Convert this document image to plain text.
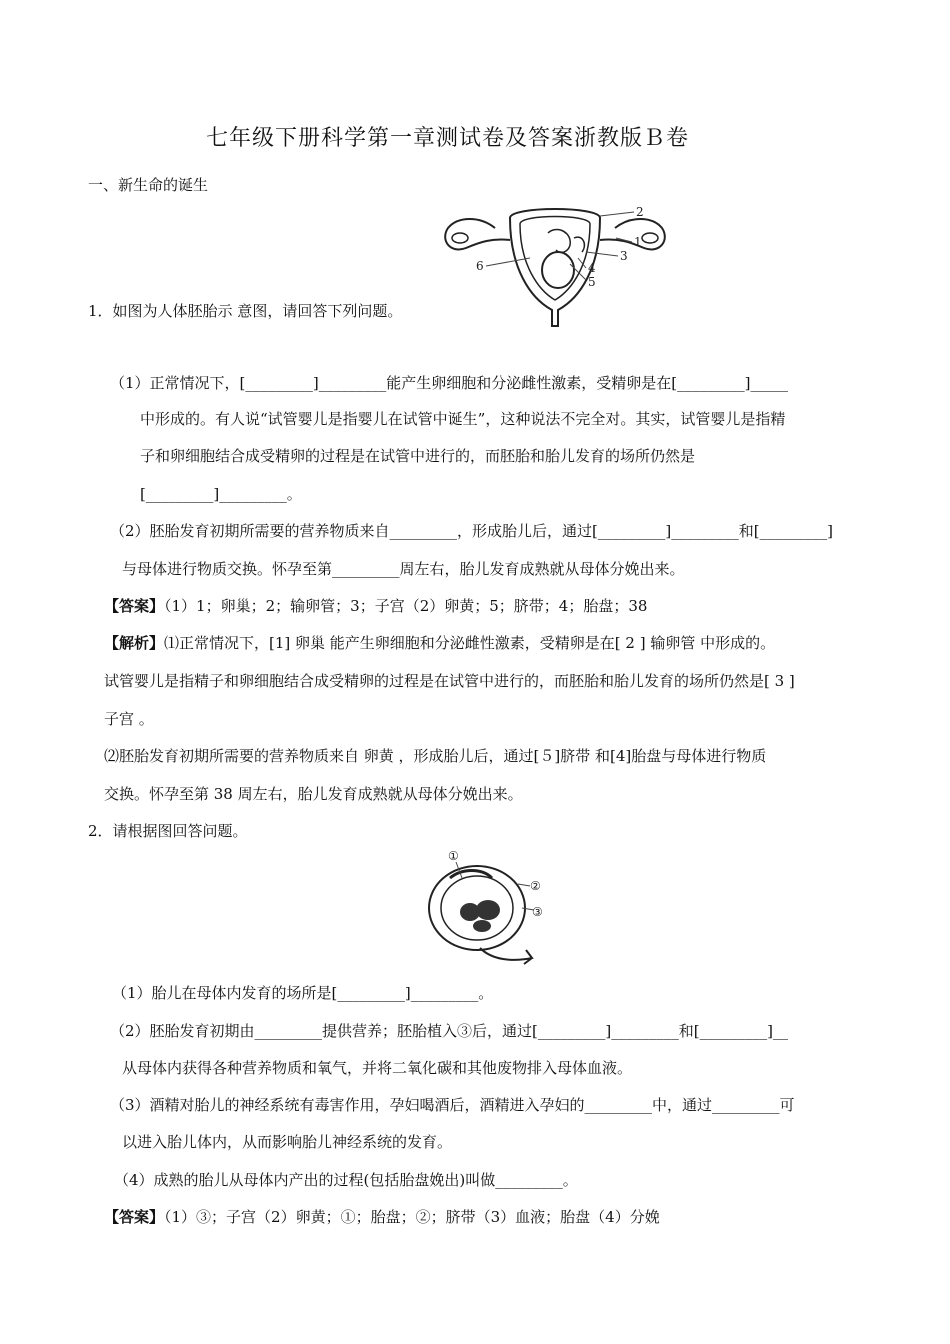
七年级下册科学第一章测试卷及答案浙教版Ｂ卷
一、新生命的诞生
2
1
3
4
5
6
1．如图为人体胚胎示 意图，请回答下列问题。
（1）正常情况下，[_________]_________能产生卵细胞和分泌雌性激素，受精卵是在[_________]_____
中形成的。有人说“试管婴儿是指婴儿在试管中诞生”，这种说法不完全对。其实，试管婴儿是指精
子和卵细胞结合成受精卵的过程是在试管中进行的，而胚胎和胎儿发育的场所仍然是
[_________]_________。
（2）胚胎发育初期所需要的营养物质来自_________，形成胎儿后，通过[_________]_________和[_________]
与母体进行物质交换。怀孕至第_________周左右，胎儿发育成熟就从母体分娩出来。
【答案】（1）1；卵巢；2；输卵管；3；子宫（2）卵黄；5；脐带；4；胎盘；38
【解析】⑴正常情况下，[1] 卵巢 能产生卵细胞和分泌雌性激素，受精卵是在[ 2 ] 输卵管 中形成的。
试管婴儿是指精子和卵细胞结合成受精卵的过程是在试管中进行的，而胚胎和胎儿发育的场所仍然是[ 3 ]
子宫 。
⑵胚胎发育初期所需要的营养物质来自 卵黄 ，形成胎儿后，通过[５]脐带 和[4]胎盘与母体进行物质
交换。怀孕至第 38 周左右，胎儿发育成熟就从母体分娩出来。
2．请根据图回答问题。
①
②
③
（1）胎儿在母体内发育的场所是[_________]_________。
（2）胚胎发育初期由_________提供营养；胚胎植入③后，通过[_________]_________和[_________]__
从母体内获得各种营养物质和氧气，并将二氧化碳和其他废物排入母体血液。
（3）酒精对胎儿的神经系统有毒害作用，孕妇喝酒后，酒精进入孕妇的_________中，通过_________可
以进入胎儿体内，从而影响胎儿神经系统的发育。
（4）成熟的胎儿从母体内产出的过程(包括胎盘娩出)叫做_________。
【答案】（1）③；子宫（2）卵黄；①；胎盘；②；脐带（3）血液；胎盘（4）分娩
